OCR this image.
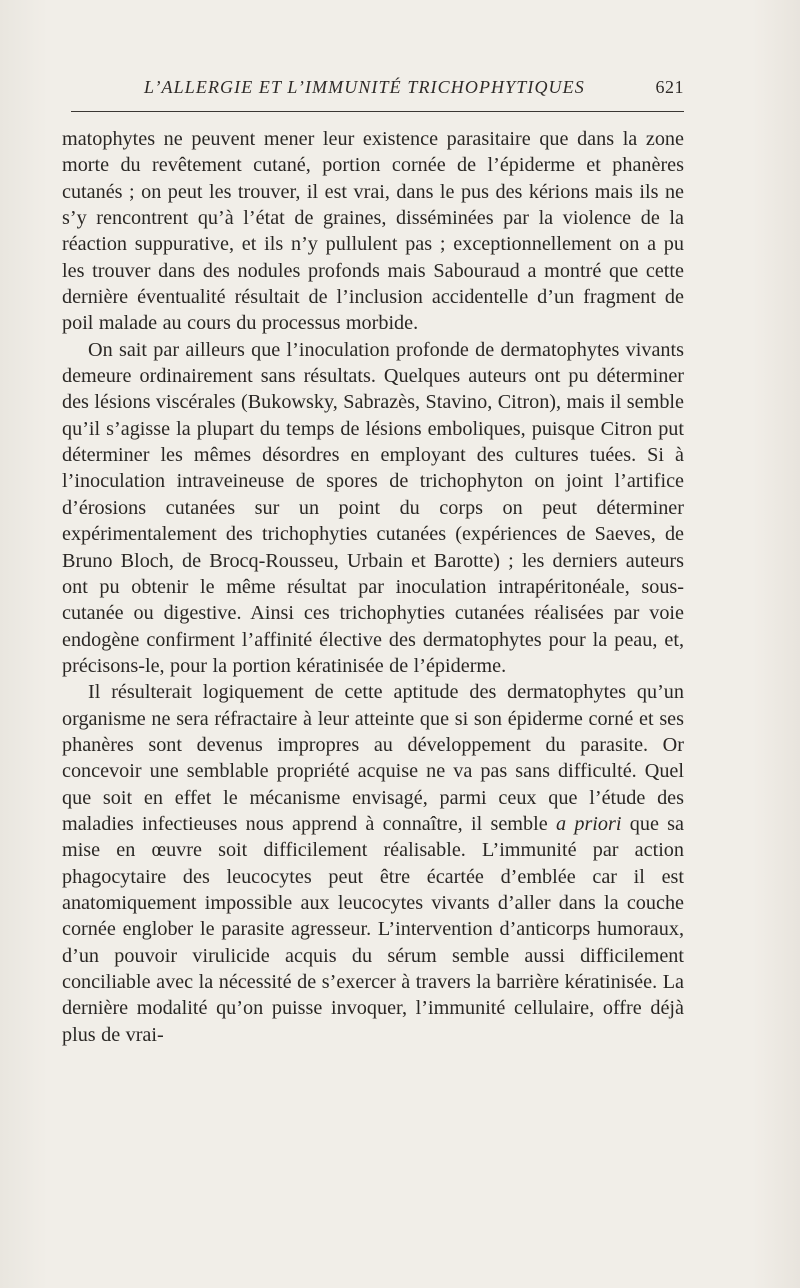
L’ALLERGIE ET L’IMMUNITÉ TRICHOPHYTIQUES	621

matophytes ne peuvent mener leur existence parasitaire que dans la zone morte du revêtement cutané, portion cornée de l’épiderme et phanères cutanés ; on peut les trouver, il est vrai, dans le pus des kérions mais ils ne s’y rencontrent qu’à l’état de graines, disséminées par la violence de la réaction suppurative, et ils n’y pullulent pas ; exceptionnellement on a pu les trouver dans des nodules profonds mais Sabouraud a montré que cette dernière éventualité résultait de l’inclusion accidentelle d’un fragment de poil malade au cours du processus morbide.

On sait par ailleurs que l’inoculation profonde de dermatophytes vivants demeure ordinairement sans résultats. Quelques auteurs ont pu déterminer des lésions viscérales (Bukowsky, Sabrazès, Stavino, Citron), mais il semble qu’il s’agisse la plupart du temps de lésions emboliques, puisque Citron put déterminer les mêmes désordres en employant des cultures tuées. Si à l’inoculation intraveineuse de spores de trichophyton on joint l’artifice d’érosions cutanées sur un point du corps on peut déterminer expérimentalement des trichophyties cutanées (expériences de Saeves, de Bruno Bloch, de Brocq-Rousseu, Urbain et Barotte) ; les derniers auteurs ont pu obtenir le même résultat par inoculation intrapéritonéale, sous-cutanée ou digestive. Ainsi ces trichophyties cutanées réalisées par voie endogène confirment l’affinité élective des dermatophytes pour la peau, et, précisons-le, pour la portion kératinisée de l’épiderme.

Il résulterait logiquement de cette aptitude des dermatophytes qu’un organisme ne sera réfractaire à leur atteinte que si son épiderme corné et ses phanères sont devenus impropres au développement du parasite. Or concevoir une semblable propriété acquise ne va pas sans difficulté. Quel que soit en effet le mécanisme envisagé, parmi ceux que l’étude des maladies infectieuses nous apprend à connaître, il semble a priori que sa mise en œuvre soit difficilement réalisable. L’immunité par action phagocytaire des leucocytes peut être écartée d’emblée car il est anatomiquement impossible aux leucocytes vivants d’aller dans la couche cornée englober le parasite agresseur. L’intervention d’anticorps humoraux, d’un pouvoir virulicide acquis du sérum semble aussi difficilement conciliable avec la nécessité de s’exercer à travers la barrière kératinisée. La dernière modalité qu’on puisse invoquer, l’immunité cellulaire, offre déjà plus de vrai-
